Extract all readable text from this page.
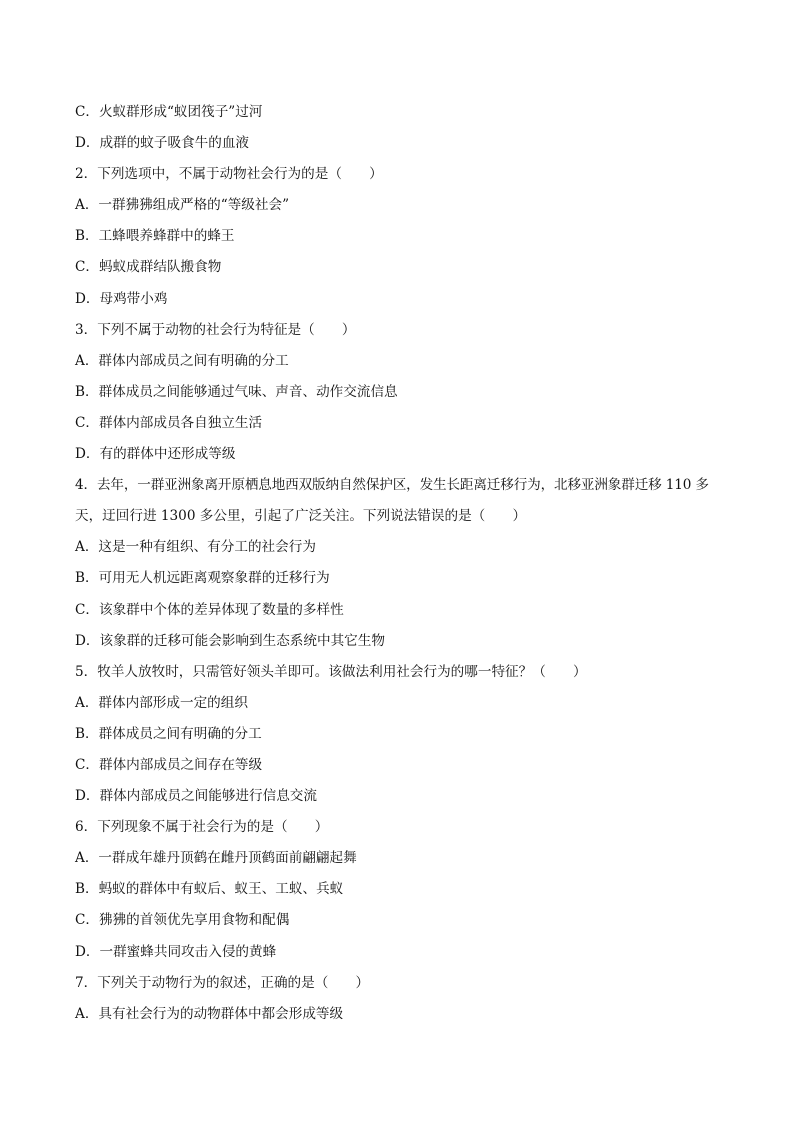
C．火蚁群形成“蚁团筏子”过河
D．成群的蚊子吸食牛的血液
2．下列选项中，不属于动物社会行为的是（　　）
A．一群狒狒组成严格的“等级社会”
B．工蜂喂养蜂群中的蜂王
C．蚂蚁成群结队搬食物
D．母鸡带小鸡
3．下列不属于动物的社会行为特征是（　　）
A．群体内部成员之间有明确的分工
B．群体成员之间能够通过气味、声音、动作交流信息
C．群体内部成员各自独立生活
D．有的群体中还形成等级
4．去年，一群亚洲象离开原栖息地西双版纳自然保护区，发生长距离迁移行为，北移亚洲象群迁移 110 多
天，迂回行进 1300 多公里，引起了广泛关注。下列说法错误的是（　　）
A．这是一种有组织、有分工的社会行为
B．可用无人机远距离观察象群的迁移行为
C．该象群中个体的差异体现了数量的多样性
D．该象群的迁移可能会影响到生态系统中其它生物
5．牧羊人放牧时，只需管好领头羊即可。该做法利用社会行为的哪一特征？（　　）
A．群体内部形成一定的组织
B．群体成员之间有明确的分工
C．群体内部成员之间存在等级
D．群体内部成员之间能够进行信息交流
6．下列现象不属于社会行为的是（　　）
A．一群成年雄丹顶鹤在雌丹顶鹤面前翩翩起舞
B．蚂蚁的群体中有蚁后、蚁王、工蚁、兵蚁
C．狒狒的首领优先享用食物和配偶
D．一群蜜蜂共同攻击入侵的黄蜂
7．下列关于动物行为的叙述，正确的是（　　）
A．具有社会行为的动物群体中都会形成等级
